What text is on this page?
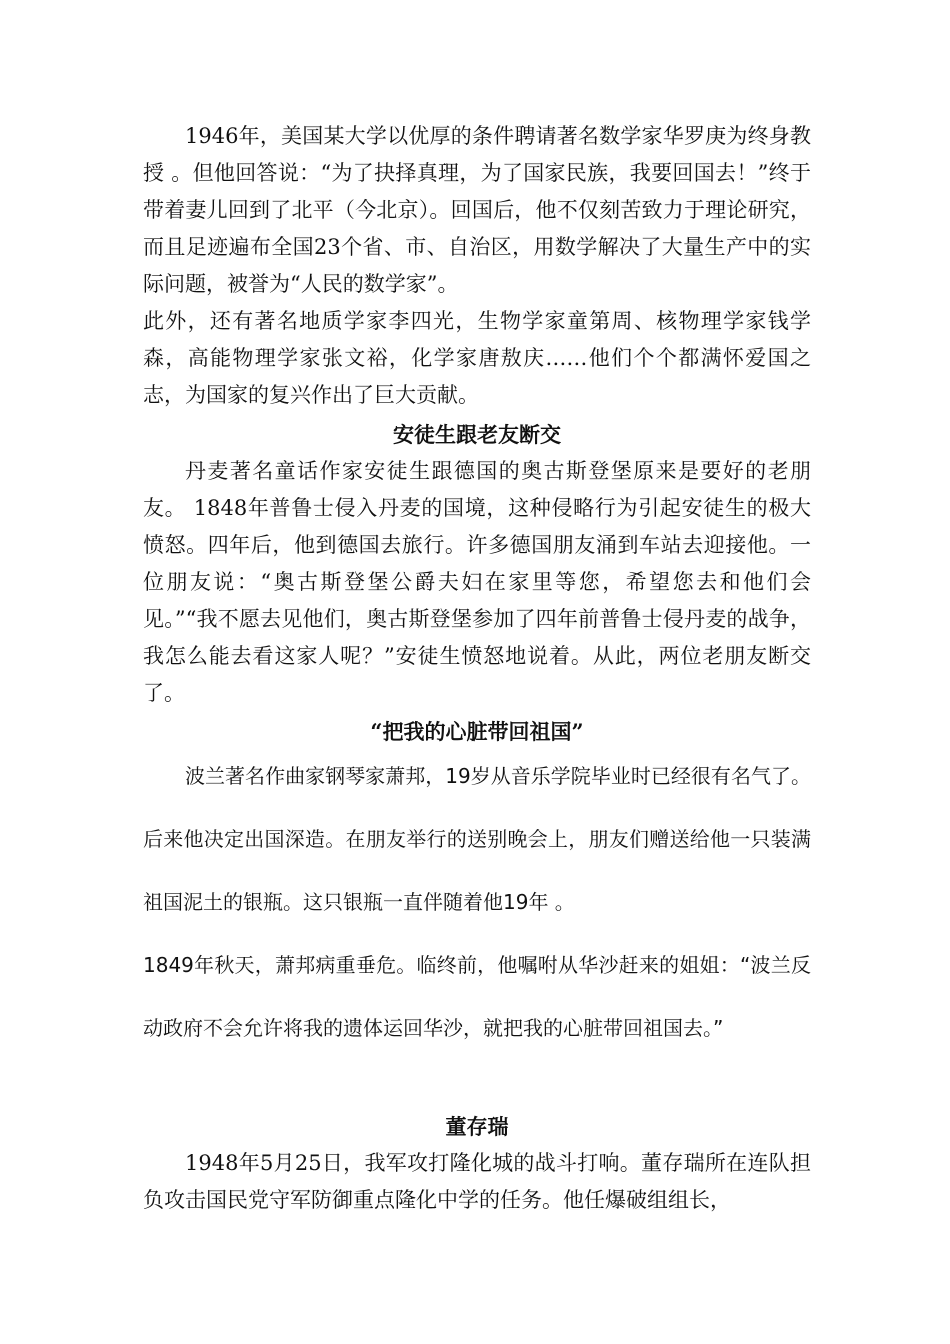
1946年，美国某大学以优厚的条件聘请著名数学家华罗庚为终身教授 。但他回答说：“为了抉择真理，为了国家民族，我要回国去！”终于带着妻儿回到了北平（今北京）。回国后，他不仅刻苦致力于理论研究，而且足迹遍布全国23个省、市、自治区，用数学解决了大量生产中的实际问题，被誉为“人民的数学家”。

此外，还有著名地质学家李四光，生物学家童第周、核物理学家钱学森，高能物理学家张文裕，化学家唐敖庆……他们个个都满怀爱国之志，为国家的复兴作出了巨大贡献。

安徒生跟老友断交

丹麦著名童话作家安徒生跟德国的奥古斯登堡原来是要好的老朋友。 1848年普鲁士侵入丹麦的国境，这种侵略行为引起安徒生的极大愤怒。四年后，他到德国去旅行。许多德国朋友涌到车站去迎接他。一位朋友说：“奥古斯登堡公爵夫妇在家里等您，希望您去和他们会见。”“我不愿去见他们，奥古斯登堡参加了四年前普鲁士侵丹麦的战争，我怎么能去看这家人呢？”安徒生愤怒地说着。从此，两位老朋友断交了。

“把我的心脏带回祖国”

波兰著名作曲家钢琴家萧邦，19岁从音乐学院毕业时已经很有名气了。后来他决定出国深造。在朋友举行的送别晚会上，朋友们赠送给他一只装满祖国泥土的银瓶。这只银瓶一直伴随着他19年 。

1849年秋天，萧邦病重垂危。临终前，他嘱咐从华沙赶来的姐姐：“波兰反动政府不会允许将我的遗体运回华沙，就把我的心脏带回祖国去。”

董存瑞

1948年5月25日，我军攻打隆化城的战斗打响。董存瑞所在连队担负攻击国民党守军防御重点隆化中学的任务。他任爆破组组长，
